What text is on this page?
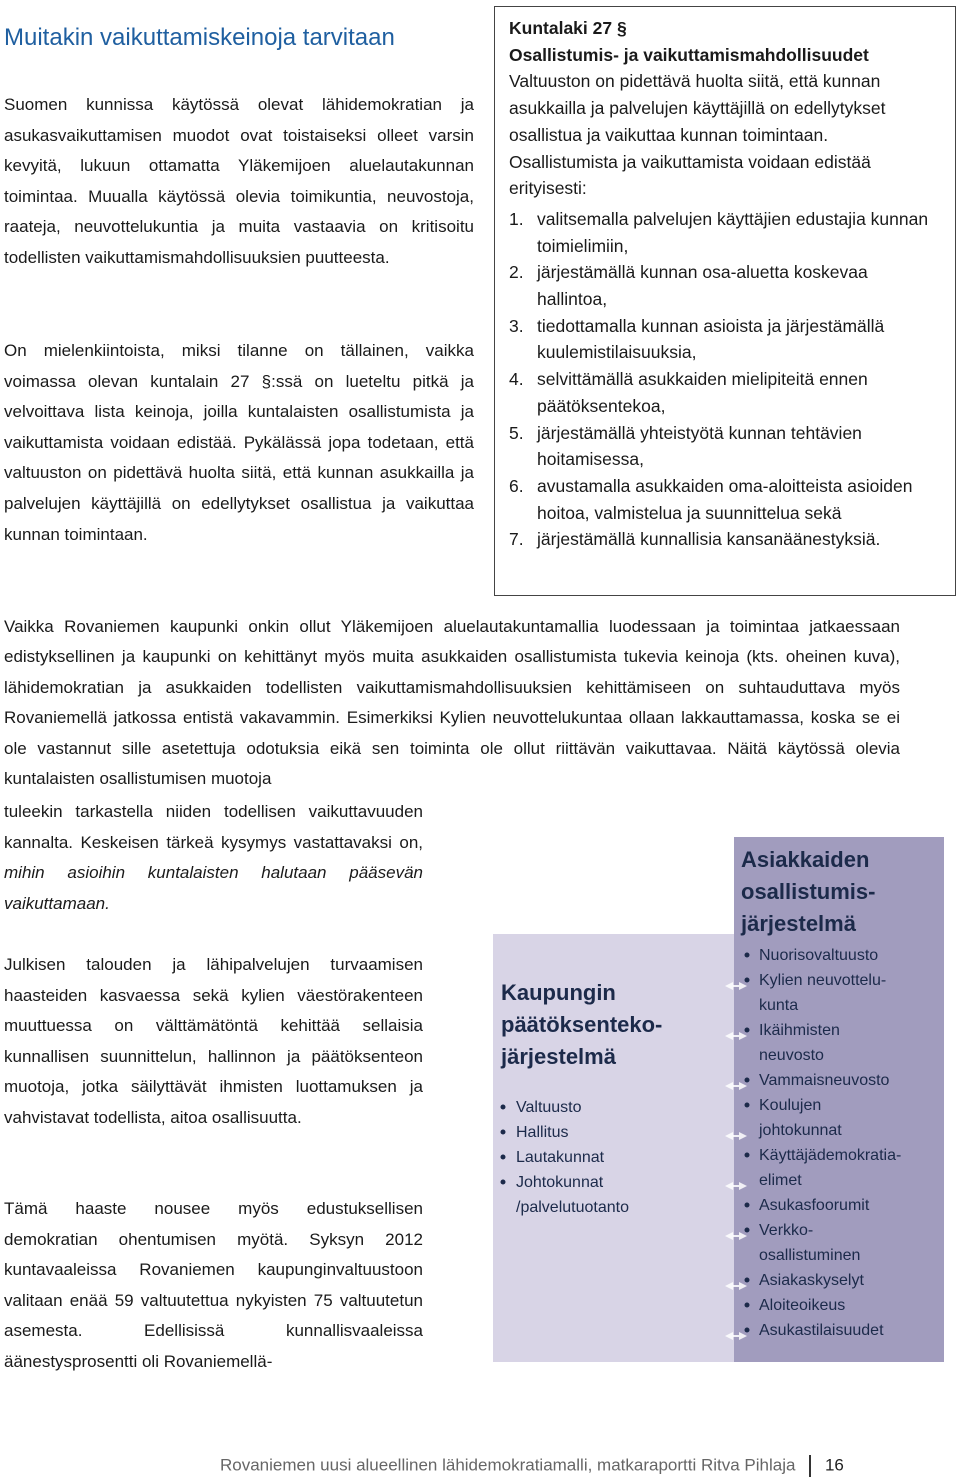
Muitakin vaikuttamiskeinoja tarvitaan

Suomen kunnissa käytössä olevat lähidemokratian ja asukasvaikuttamisen muodot ovat toistaiseksi olleet varsin kevyitä, lukuun ottamatta Yläkemijoen aluelautakunnan toimintaa. Muualla käytössä olevia toimikuntia, neuvostoja, raateja, neuvottelukuntia ja muita vastaavia on kritisoitu todellisten vaikuttamismahdollisuuksien puutteesta.

On mielenkiintoista, miksi tilanne on tällainen, vaikka voimassa olevan kuntalain 27 §:ssä on lueteltu pitkä ja velvoittava lista keinoja, joilla kuntalaisten osallistumista ja vaikuttamista voidaan edistää. Pykälässä jopa todetaan, että valtuuston on pidettävä huolta siitä, että kunnan asukkailla ja palvelujen käyttäjillä on edellytykset osallistua ja vaikuttaa kunnan toimintaan.

Kuntalaki 27 §
Osallistumis- ja vaikuttamismahdollisuudet

Valtuuston on pidettävä huolta siitä, että kunnan asukkailla ja palvelujen käyttäjillä on edellytykset osallistua ja vaikuttaa kunnan toimintaan. Osallistumista ja vaikuttamista voidaan edistää erityisesti:

1. valitsemalla palvelujen käyttäjien edustajia kunnan toimielimiin,
2. järjestämällä kunnan osa-aluetta koskevaa hallintoa,
3. tiedottamalla kunnan asioista ja järjestämällä kuulemistilaisuuksia,
4. selvittämällä asukkaiden mielipiteitä ennen päätöksentekoa,
5. järjestämällä yhteistyötä kunnan tehtävien hoitamisessa,
6. avustamalla asukkaiden oma-aloitteista asioiden hoitoa, valmistelua ja suunnittelua sekä
7. järjestämällä kunnallisia kansanäänestyksiä.

Vaikka Rovaniemen kaupunki onkin ollut Yläkemijoen aluelautakuntamallia luodessaan ja toimintaa jatkaessaan edistyksellinen ja kaupunki on kehittänyt myös muita asukkaiden osallistumista tukevia keinoja (kts. oheinen kuva), lähidemokratian ja asukkaiden todellisten vaikuttamismahdollisuuksien kehittämiseen on suhtauduttava myös Rovaniemellä jatkossa entistä vakavammin. Esimerkiksi Kylien neuvottelukuntaa ollaan lakkauttamassa, koska se ei ole vastannut sille asetettuja odotuksia eikä sen toiminta ole ollut riittävän vaikuttavaa. Näitä käytössä olevia kuntalaisten osallistumisen muotoja

tuleekin tarkastella niiden todellisen vaikuttavuuden kannalta. Keskeisen tärkeä kysymys vastattavaksi on, mihin asioihin kuntalaisten halutaan pääsevän vaikuttamaan.

Julkisen talouden ja lähipalvelujen turvaamisen haasteiden kasvaessa sekä kylien väestörakenteen muuttuessa on välttämätöntä kehittää sellaisia kunnallisen suunnittelun, hallinnon ja päätöksenteon muotoja, jotka säilyttävät ihmisten luottamuksen ja vahvistavat todellista, aitoa osallisuutta.

Tämä haaste nousee myös edustuksellisen demokratian ohentumisen myötä. Syksyn 2012 kuntavaaleissa Rovaniemen kaupunginvaltuustoon valitaan enää 59 valtuutettua nykyisten 75 valtuutetun asemesta. Edellisissä kunnallisvaaleissa äänestysprosentti oli Rovaniemellä-

Kaupungin
päätöksenteko-
järjestelmä
Valtuusto
Hallitus
Lautakunnat
Johtokunnat
/palvelutuotanto
Asiakkaiden
osallistumis-
järjestelmä
Nuorisovaltuusto
Kylien neuvottelu-
kunta
Ikäihmisten
neuvosto
Vammaisneuvosto
Koulujen
johtokunnat
Käyttäjädemokratia-
elimet
Asukasfoorumit
Verkko-
osallistuminen
Asiakaskyselyt
Aloiteoikeus
Asukastilaisuudet
Rovaniemen uusi alueellinen lähidemokratiamalli, matkaraportti Ritva Pihlaja 16
